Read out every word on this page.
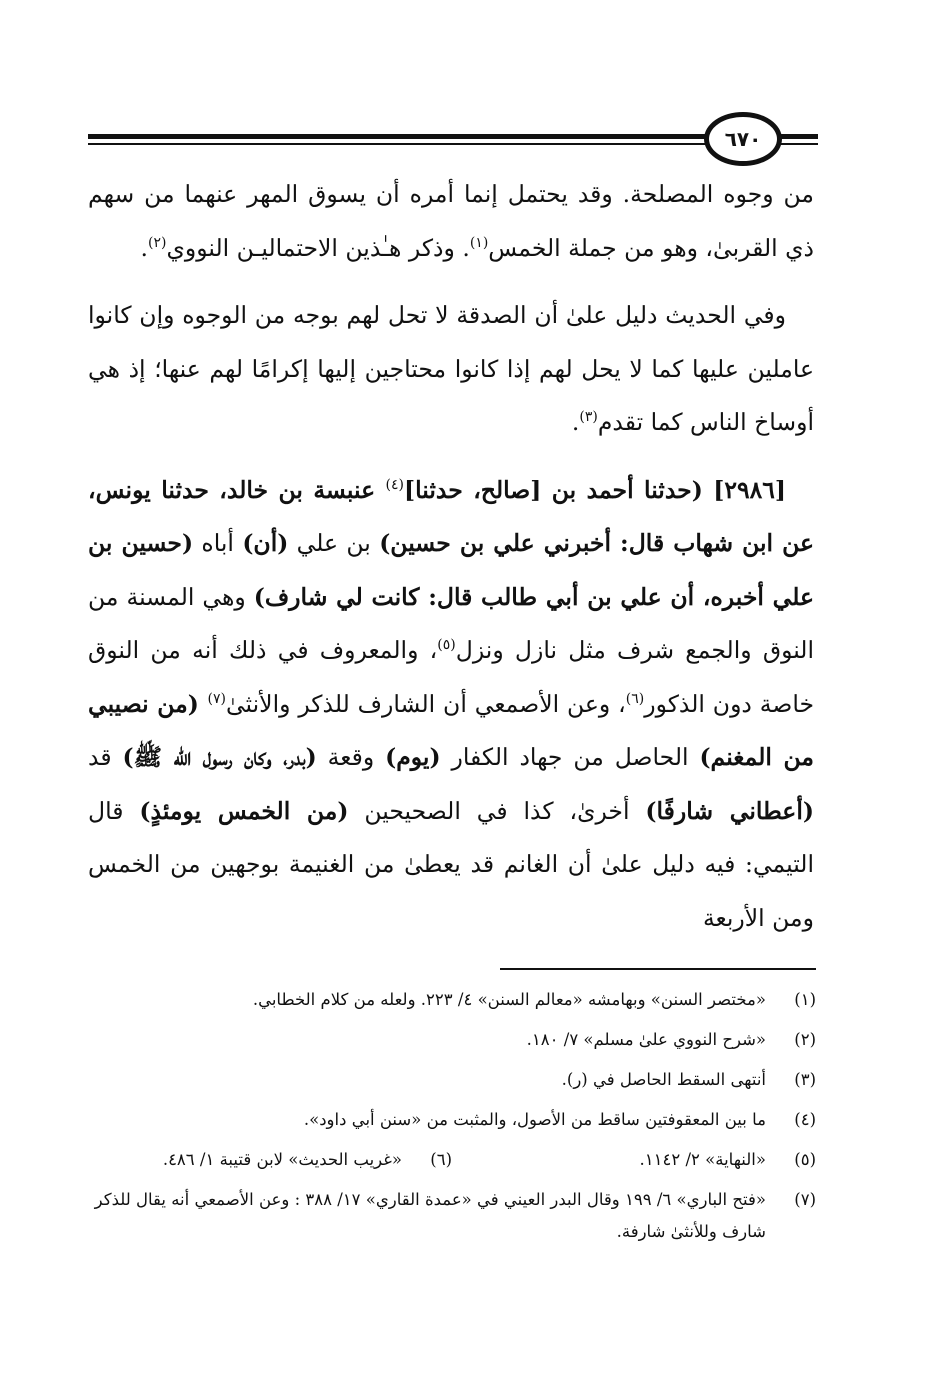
٦٧٠

من وجوه المصلحة. وقد يحتمل إنما أمره أن يسوق المهر عنهما من سهم ذي القربىٰ، وهو من جملة الخمس$^{(١)}$. وذكر هـٰذين الاحتماليـن النووي$^{(٢)}$.

وفي الحديث دليل علىٰ أن الصدقة لا تحل لهم بوجه من الوجوه وإن كانوا عاملين عليها كما لا يحل لهم إذا كانوا محتاجين إليها إكرامًا لهم عنها؛ إذ هي أوساخ الناس كما تقدم$^{(٣)}$.

[٢٩٨٦] (حدثنا أحمد بن [صالح، حدثنا]$^{(٤)}$ عنبسة بن خالد، حدثنا يونس، عن ابن شهاب قال: أخبرني علي بن حسين) بن علي (أن) أباه (حسين بن علي أخبره، أن علي بن أبي طالب قال: كانت لي شارف) وهي المسنة من النوق والجمع شرف مثل نازل ونزل$^{(٥)}$، والمعروف في ذلك أنه من النوق خاصة دون الذكور$^{(٦)}$، وعن الأصمعي أن الشارف للذكر والأنثىٰ$^{(٧)}$ (من نصيبي من المغنم) الحاصل من جهاد الكفار (يوم) وقعة (بدر، وكان رسول الله ﷺ) قد (أعطاني شارفًا) أخرىٰ، كذا في الصحيحين (من الخمس يومئذٍ) قال التيمي: فيه دليل علىٰ أن الغانم قد يعطىٰ من الغنيمة بوجهين من الخمس ومن الأربعة

(١)
«مختصر السنن» وبهامشه «معالم السنن» ٤/ ٢٢٣. ولعله من كلام الخطابي.
(٢)
«شرح النووي علىٰ مسلم» ٧/ ١٨٠.
(٣)
أنتهى السقط الحاصل في (ر).
(٤)
ما بين المعقوفتين ساقط من الأصول، والمثبت من «سنن أبي داود».
(٥)
«النهاية» ٢/ ١١٤٢.
(٦)
«غريب الحديث» لابن قتيبة ١/ ٤٨٦.
(٧)
«فتح الباري» ٦/ ١٩٩ وقال البدر العيني في «عمدة القاري» ١٧/ ٣٨٨ : وعن الأصمعي أنه يقال للذكر شارف وللأنثىٰ شارفة.
